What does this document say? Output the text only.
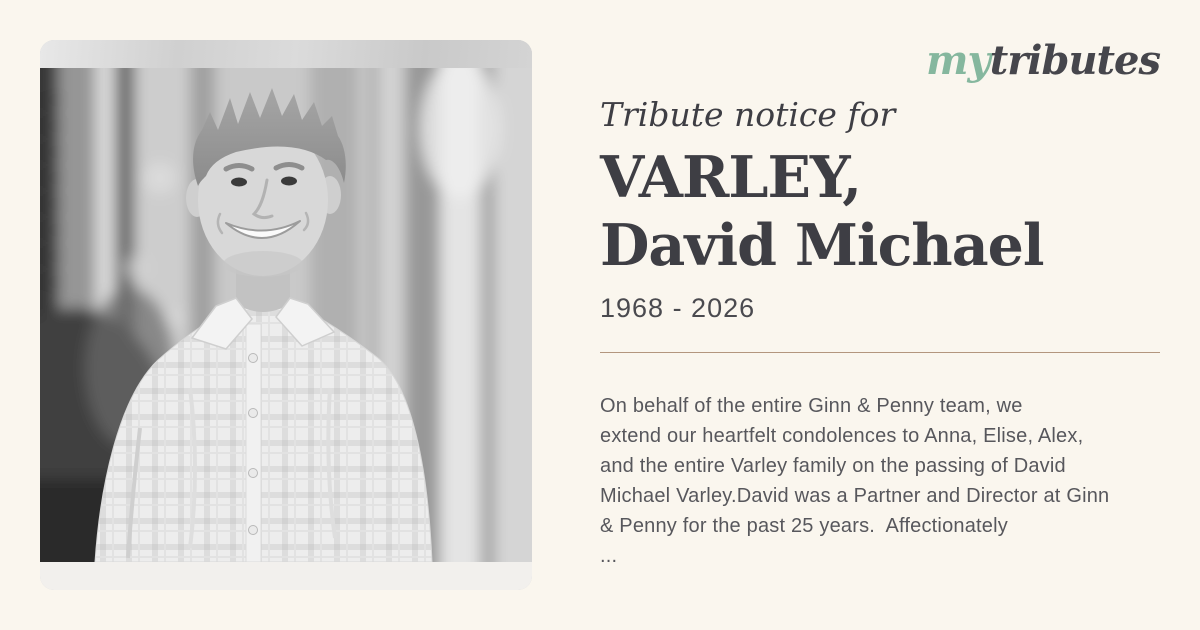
mytributes
Tribute notice for
VARLEY,
David Michael
1968 - 2026
On behalf of the entire Ginn & Penny team, we
extend our heartfelt condolences to Anna, Elise, Alex,
and the entire Varley family on the passing of David
Michael Varley.David was a Partner and Director at Ginn
& Penny for the past 25 years.  Affectionately
...
